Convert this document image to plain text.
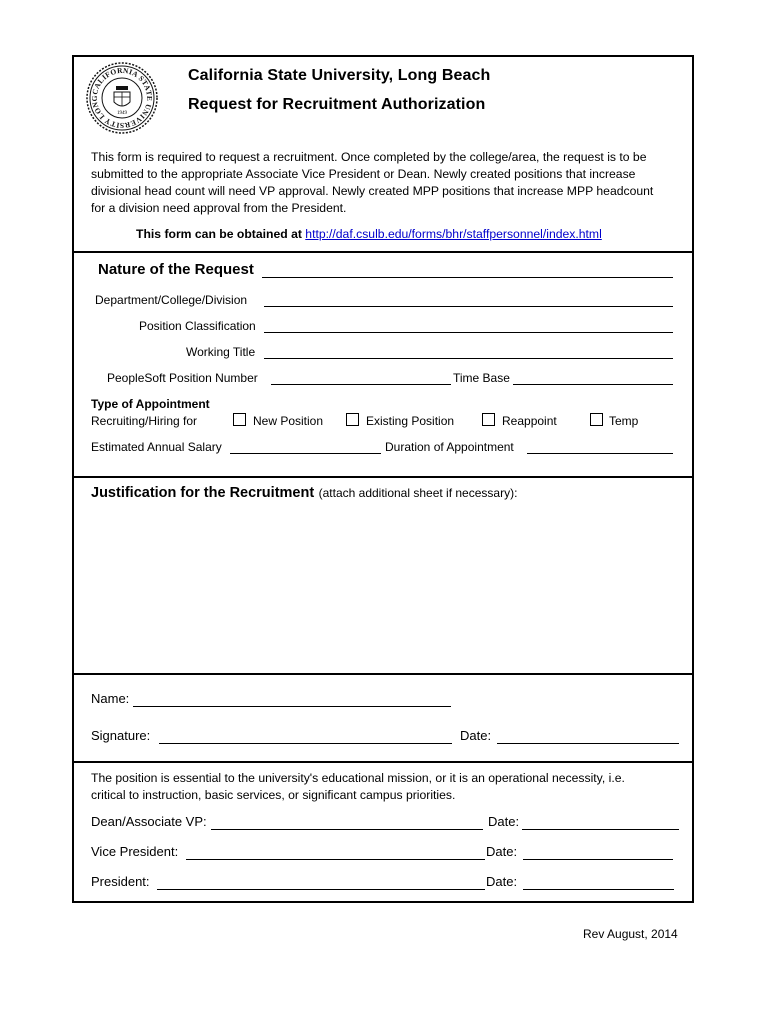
CALIFORNIA STATE UNIVERSITY LONG
1949
California State University, Long Beach
Request for Recruitment Authorization
This form is required to request a recruitment. Once completed by the college/area, the request is to be
submitted to the appropriate Associate Vice President or Dean. Newly created positions that increase
divisional head count will need VP approval. Newly created MPP positions that increase MPP headcount
for a division need approval from the President.
This form can be obtained at http://daf.csulb.edu/forms/bhr/staffpersonnel/index.html
Nature of the Request
Department/College/Division
Position Classification
Working Title
PeopleSoft Position Number	Time Base
Type of Appointment
Recruiting/Hiring for	New Position	Existing Position	Reappoint	Temp
Estimated Annual Salary	Duration of Appointment
Justification for the Recruitment (attach additional sheet if necessary):
Name:
Signature:	Date:
The position is essential to the university's educational mission, or it is an operational necessity, i.e.
critical to instruction, basic services, or significant campus priorities.
Dean/Associate VP:	Date:
Vice President:	Date:
President:	Date:
Rev August, 2014
